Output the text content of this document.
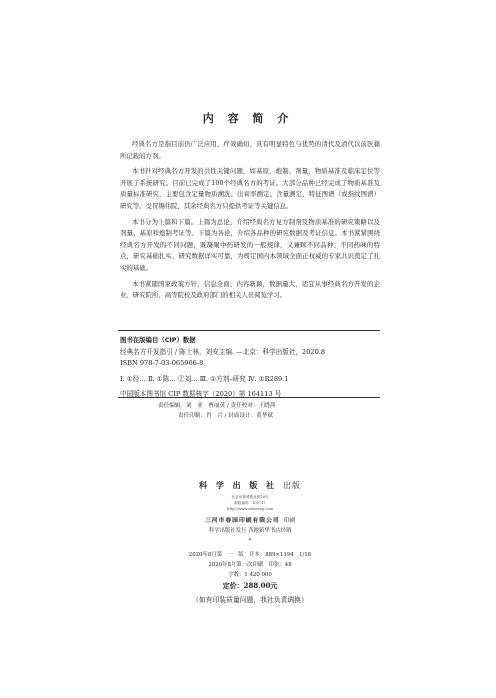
内 容 简 介

经典名方是指目前仍广泛应用、疗效确切、具有明显特色与优势的清代及清代以前医籍所记载的方剂。

本书针对经典名方开发的共性关键问题，如基原、炮制、剂量、物质基准及临床定位等开展了系统研究。目前已完成了100个经典名方的考证。大部分品种已经完成了物质基准及质量标准研究，主要包含定量物质溯洗、出膏率测定、含量测定、特征图谱（或指纹图谱）研究等。受冒锡伟院，其余经典名方只提供考证等关键信息。

本书分为上篇和下篇。上篇为总论，介绍经典名方复方制剂及物质基准的研究策略以及剂量、基原和炮制考证等。下篇为各论，介绍各品种的研究数据及考证信息。本书紧紧围绕经典名方开发的不同问题，既凝聚中药研发的一般规律，又兼顾不同品种、不同药味的特点，研究基础扎实，研究数据详实可靠，为规定国内本领域全面正权威的专家共识奠定了扎实的基础。

本书紧随国家政策方针，信息全面，内容新颖，数据量大，适宜从事经典名方开发的企业、研究院所、高等院校及政府部门的相关人员阅览学习。

图书在版编目（CIP）数据
经典名方开发指引 / 陈士林，刘安主编. —北京：科学出版社，2020.8
ISBN 978-7-03-065966-8
Ⅰ. ①经… Ⅱ. ①陈… ②刘… Ⅲ. ①方剂–研究 Ⅳ. ①R289.1
中国版本图书馆 CIP 数据核字（2020）第 164113 号
责任编辑：刘　亚　曹丽英 / 责任校对：王晓茜
责任印制：肖　兴 / 封面设计：黄华斌
科 学 出 版 社 出版
北京东黄城根北街16号
邮政编码：100717
http://www.sciencep.com
三河市春园印刷有限公司 印刷
科学出版社发行 各地新华书店经销
*
2020年8月第　一　版　开本：889×1194　1/16
2020年8月第一次印刷　印张：48
字数：1 420 000
定价：288.00元
（如有印装质量问题，我社负责调换）
